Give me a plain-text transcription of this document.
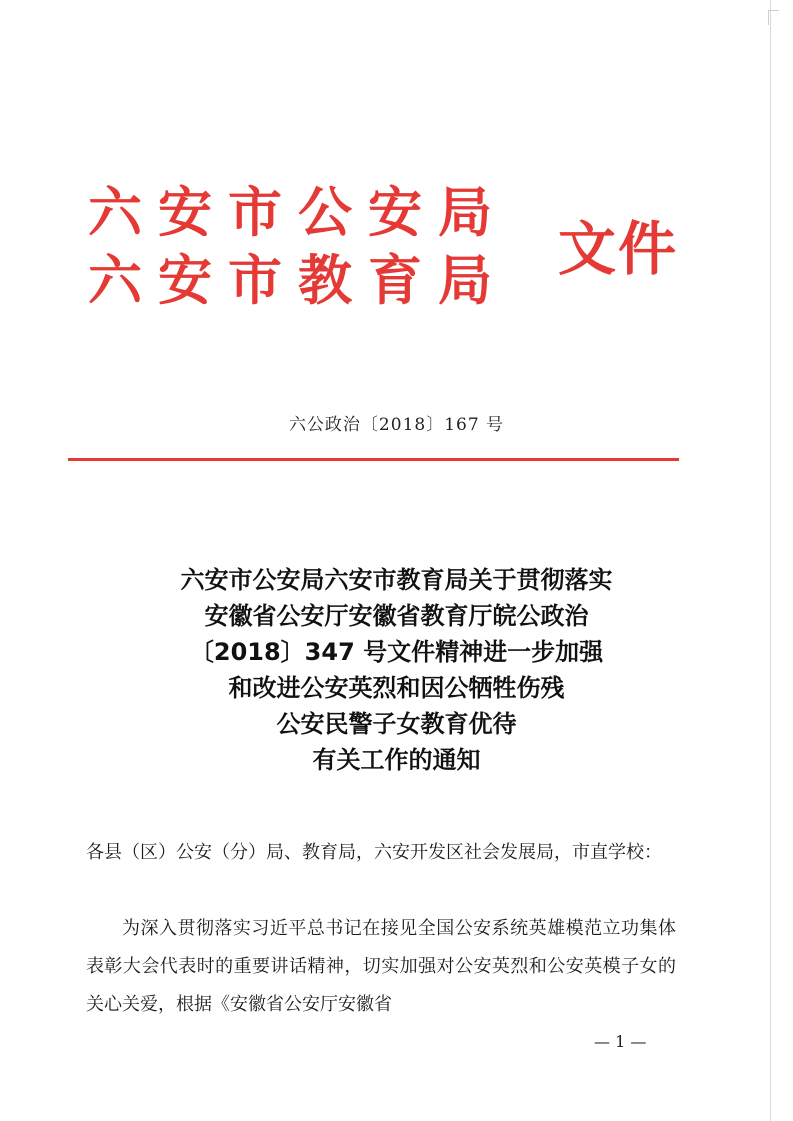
六安市公安局
六安市教育局 文件
六公政治〔2018〕167 号
六安市公安局六安市教育局关于贯彻落实
安徽省公安厅安徽省教育厅皖公政治
〔2018〕347 号文件精神进一步加强
和改进公安英烈和因公牺牲伤残
公安民警子女教育优待
有关工作的通知
各县（区）公安（分）局、教育局，六安开发区社会发展局，市直学校：
为深入贯彻落实习近平总书记在接见全国公安系统英雄模范立功集体表彰大会代表时的重要讲话精神，切实加强对公安英烈和公安英模子女的关心关爱，根据《安徽省公安厅安徽省
— 1 —
